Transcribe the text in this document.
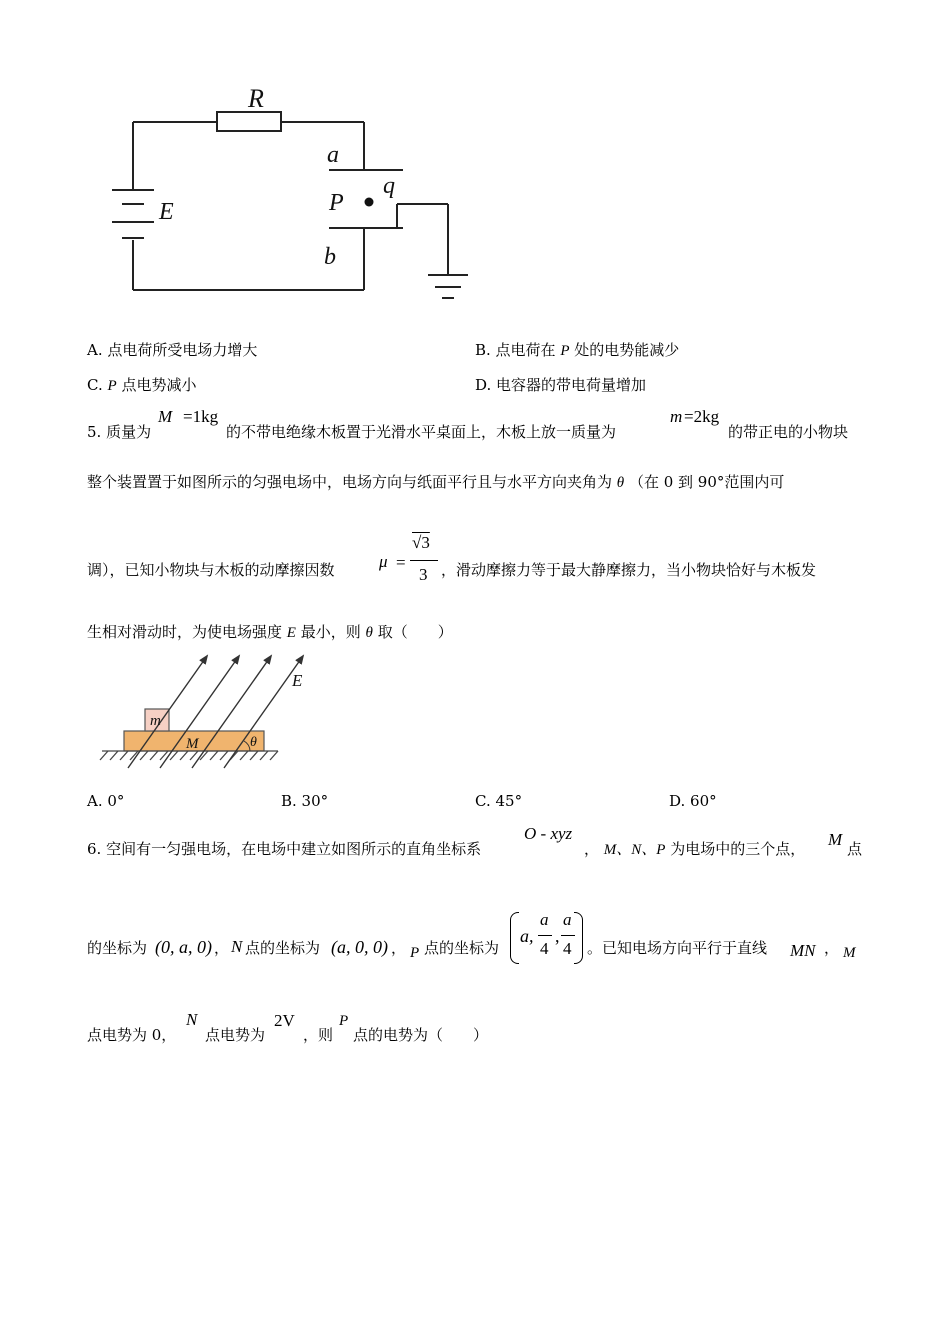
R
a
q
P
E
b
A. 点电荷所受电场力增大	B. 点电荷在 P 处的电势能减少
C. P 点电势减小	D. 电容器的带电荷量增加
5. 质量为
M =1kg
的不带电绝缘木板置于光滑水平桌面上，木板上放一质量为
m =2kg
的带正电的小物块
整个装置置于如图所示的匀强电场中，电场方向与纸面平行且与水平方向夹角为 θ （在 0 到 90°范围内可
调），已知小物块与木板的动摩擦因数	μ =
√3
3 ，滑动摩擦力等于最大静摩擦力，当小物块恰好与木板发
生相对滑动时，为使电场强度 E 最小，则 θ 取（　　）
m
M	θ
E
A. 0°	B. 30°	C. 45°	D. 60°
6. 空间有一匀强电场，在电场中建立如图所示的直角坐标系
O - xyz
， M、N、P 为电场中的三个点， M 点
的坐标为 (0, a, 0) ， N 点的坐标为 (a, 0, 0) ， P 点的坐标为
a,
a
4
,
a
4 。已知电场方向平行于直线 MN ， M
点电势为 0，
N
点电势为
2V
，则
P
点的电势为（　　）
